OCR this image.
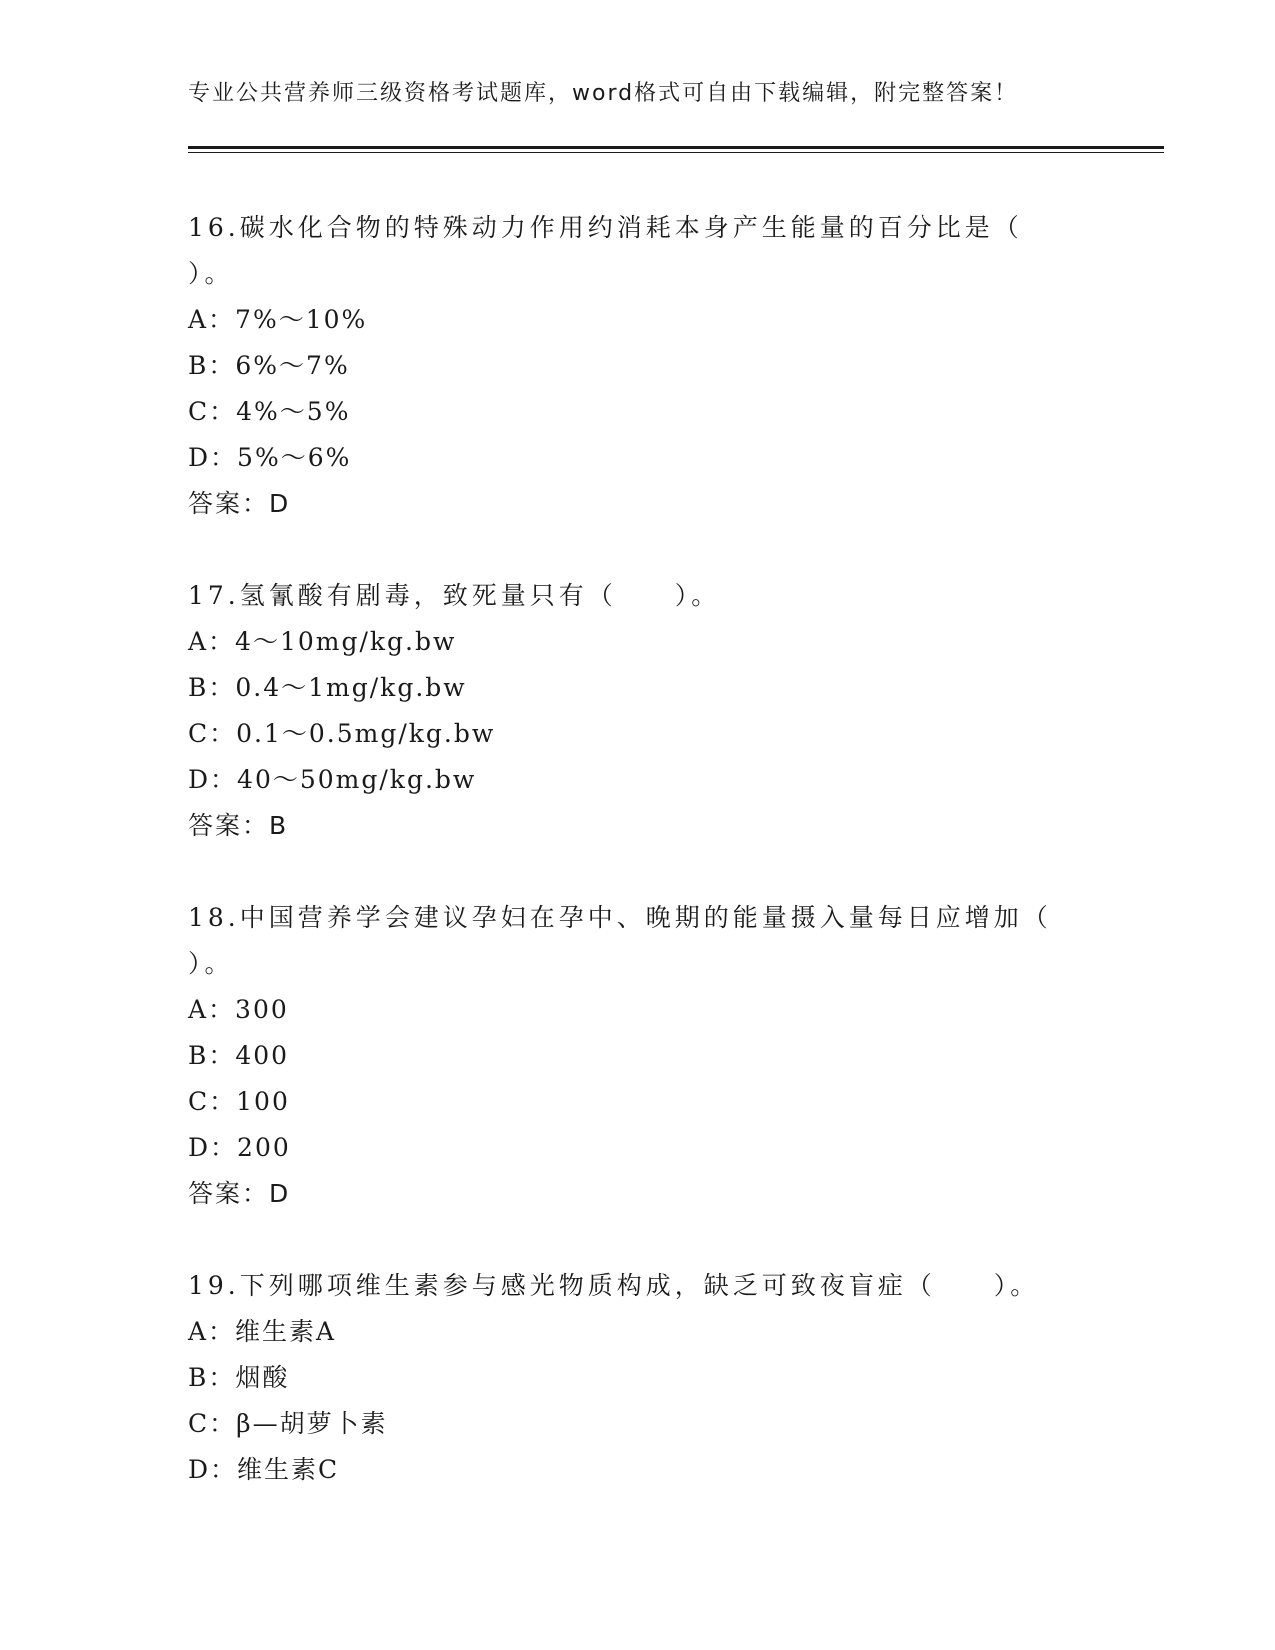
专业公共营养师三级资格考试题库，word格式可自由下载编辑，附完整答案！

16.碳水化合物的特殊动力作用约消耗本身产生能量的百分比是（ ）。

A：7%～10%

B：6%～7%

C：4%～5%

D：5%～6%

答案：D

17.氢氰酸有剧毒，致死量只有（　　）。

A：4～10mg/kg.bw

B：0.4～1mg/kg.bw

C：0.1～0.5mg/kg.bw

D：40～50mg/kg.bw

答案：B

18.中国营养学会建议孕妇在孕中、晚期的能量摄入量每日应增加（ ）。

A：300

B：400

C：100

D：200

答案：D

19.下列哪项维生素参与感光物质构成，缺乏可致夜盲症（　　）。

A：维生素A

B：烟酸

C：β—胡萝卜素

D：维生素C
